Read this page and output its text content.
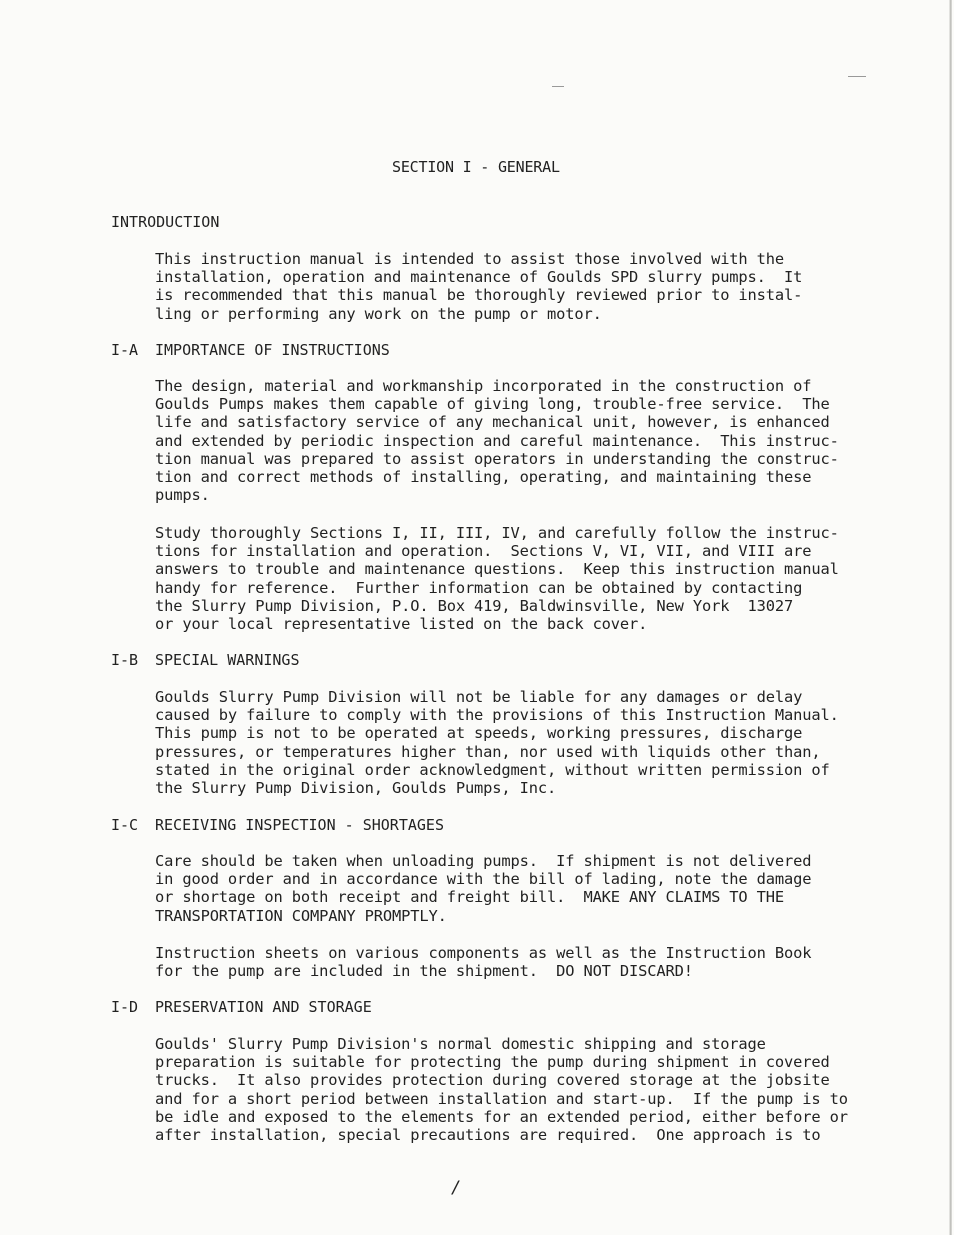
SECTION I - GENERAL
INTRODUCTION
This instruction manual is intended to assist those involved with the
installation, operation and maintenance of Goulds SPD slurry pumps.  It
is recommended that this manual be thoroughly reviewed prior to instal-
ling or performing any work on the pump or motor.
I-A IMPORTANCE OF INSTRUCTIONS
The design, material and workmanship incorporated in the construction of
Goulds Pumps makes them capable of giving long, trouble-free service.  The
life and satisfactory service of any mechanical unit, however, is enhanced
and extended by periodic inspection and careful maintenance.  This instruc-
tion manual was prepared to assist operators in understanding the construc-
tion and correct methods of installing, operating, and maintaining these
pumps.
Study thoroughly Sections I, II, III, IV, and carefully follow the instruc-
tions for installation and operation.  Sections V, VI, VII, and VIII are
answers to trouble and maintenance questions.  Keep this instruction manual
handy for reference.  Further information can be obtained by contacting
the Slurry Pump Division, P.O. Box 419, Baldwinsville, New York  13027
or your local representative listed on the back cover.
I-B SPECIAL WARNINGS
Goulds Slurry Pump Division will not be liable for any damages or delay
caused by failure to comply with the provisions of this Instruction Manual.
This pump is not to be operated at speeds, working pressures, discharge
pressures, or temperatures higher than, nor used with liquids other than,
stated in the original order acknowledgment, without written permission of
the Slurry Pump Division, Goulds Pumps, Inc.
I-C RECEIVING INSPECTION - SHORTAGES
Care should be taken when unloading pumps.  If shipment is not delivered
in good order and in accordance with the bill of lading, note the damage
or shortage on both receipt and freight bill.  MAKE ANY CLAIMS TO THE
TRANSPORTATION COMPANY PROMPTLY.
Instruction sheets on various components as well as the Instruction Book
for the pump are included in the shipment.  DO NOT DISCARD!
I-D PRESERVATION AND STORAGE
Goulds' Slurry Pump Division's normal domestic shipping and storage
preparation is suitable for protecting the pump during shipment in covered
trucks.  It also provides protection during covered storage at the jobsite
and for a short period between installation and start-up.  If the pump is to
be idle and exposed to the elements for an extended period, either before or
after installation, special precautions are required.  One approach is to
/
